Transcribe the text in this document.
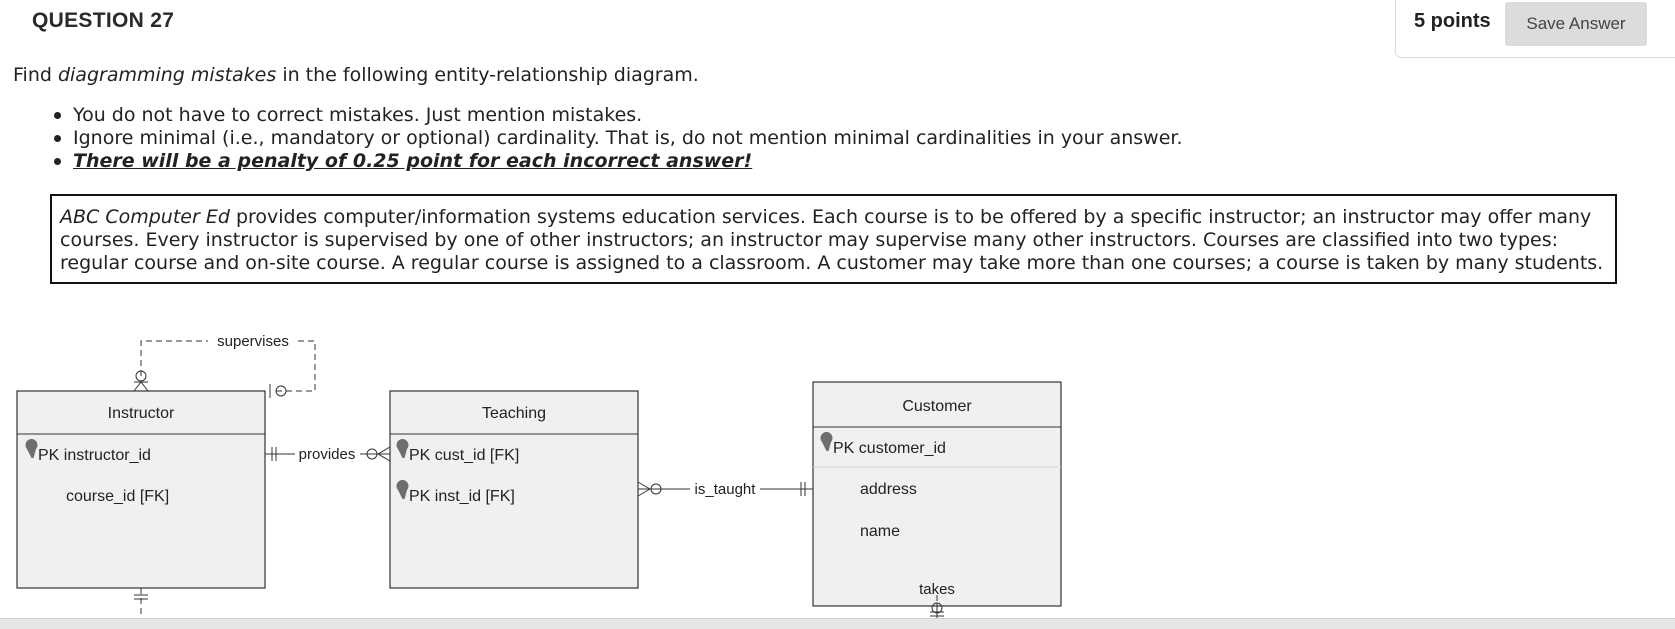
QUESTION 27	5 points	Save Answer
Find diagramming mistakes in the following entity-relationship diagram.
You do not have to correct mistakes. Just mention mistakes.
Ignore minimal (i.e., mandatory or optional) cardinality. That is, do not mention minimal cardinalities in your answer.
There will be a penalty of 0.25 point for each incorrect answer!
ABC Computer Ed provides computer/information systems education services. Each course is to be offered by a specific instructor; an instructor may offer many courses. Every instructor is supervised by one of other instructors; an instructor may supervise many other instructors. Courses are classified into two types: regular course and on-site course. A regular course is assigned to a classroom. A customer may take more than one courses; a course is taken by many students.
Instructor
PK instructor_id
course_id [FK]
Teaching
PK cust_id [FK]
PK inst_id [FK]
Customer
PK customer_id
address
name
supervises
provides
is_taught
takes
